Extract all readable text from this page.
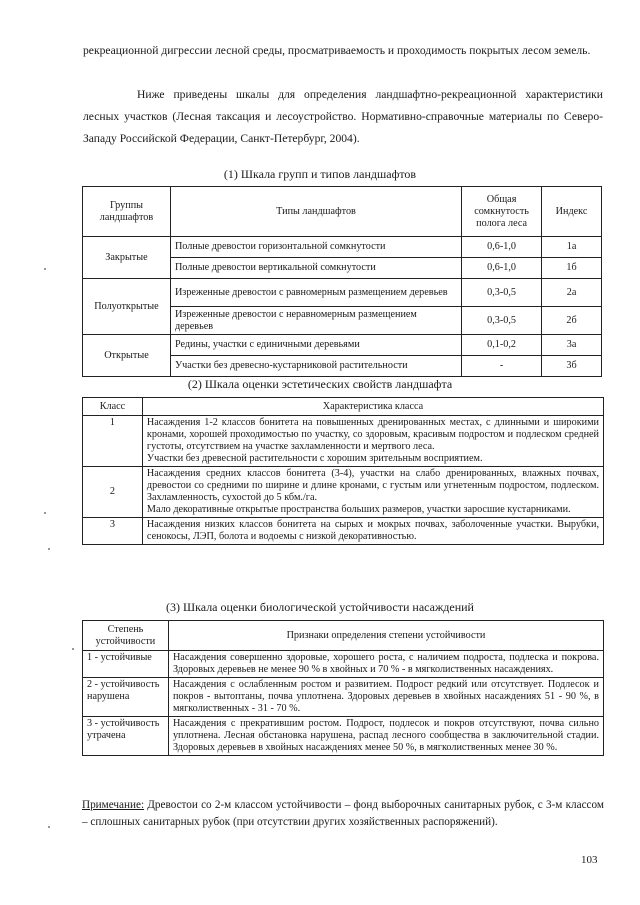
рекреационной дигрессии лесной среды, просматриваемость и проходимость покрытых лесом земель.

Ниже приведены шкалы для определения ландшафтно-рекреационной характеристики лесных участков (Лесная таксация и лесоустройство. Нормативно-справочные материалы по Северо-Западу Российской Федерации, Санкт-Петербург, 2004).

(1) Шкала групп и типов ландшафтов
Группы ландшафтов	Типы ландшафтов	Общая сомкнутость полога леса	Индекс
Закрытые	Полные древостои горизонтальной сомкнутости	0,6-1,0	1а
	Полные древостои вертикальной сомкнутости	0,6-1,0	1б
Полуоткрытые	Изреженные древостои с равномерным размещением деревьев	0,3-0,5	2а
	Изреженные древостои с неравномерным размещением деревьев	0,3-0,5	2б
Открытые	Редины, участки с единичными деревьями	0,1-0,2	3а
	Участки без древесно-кустарниковой растительности	-	3б
(2) Шкала оценки эстетических свойств ландшафта
Класс	Характеристика класса
1	Насаждения 1-2 классов бонитета на повышенных дренированных местах, с длинными и широкими кронами, хорошей проходимостью по участку, со здоровым, красивым подростом и подлеском средней густоты, отсутствием на участке захламленности и мертвого леса.
Участки без древесной растительности с хорошим зрительным восприятием.

2	Насаждения средних классов бонитета (3-4), участки на слабо дренированных, влажных почвах, древостои со средними по ширине и длине кронами, с густым или угнетенным подростом, подлеском. Захламленность, сухостой до 5 кбм./га.
Мало декоративные открытые пространства больших размеров, участки заросшие кустарниками.

3	Насаждения низких классов бонитета на сырых и мокрых почвах, заболоченные участки. Вырубки, сенокосы, ЛЭП, болота и водоемы с низкой декоративностью.
(3) Шкала оценки биологической устойчивости насаждений
Степень устойчивости	Признаки определения степени устойчивости
1 - устойчивые	Насаждения совершенно здоровые, хорошего роста, с наличием подроста, подлеска и покрова. Здоровых деревьев не менее 90 % в хвойных и 70 % - в мягколиственных насаждениях.
2 - устойчивость нарушена	Насаждения с ослабленным ростом и развитием. Подрост редкий или отсутствует. Подлесок и покров - вытоптаны, почва уплотнена. Здоровых деревьев в хвойных насаждениях 51 - 90 %, в мягколиственных - 31 - 70 %.
3 - устойчивость утрачена	Насаждения с прекратившим ростом. Подрост, подлесок и покров отсутствуют, почва сильно уплотнена. Лесная обстановка нарушена, распад лесного сообщества в заключительной стадии. Здоровых деревьев в хвойных насаждениях менее 50 %, в мягколиственных менее 30 %.

Примечание: Древостои со 2-м классом устойчивости – фонд выборочных санитарных рубок, с 3-м классом – сплошных санитарных рубок (при отсутствии других хозяйственных распоряжений).

103
